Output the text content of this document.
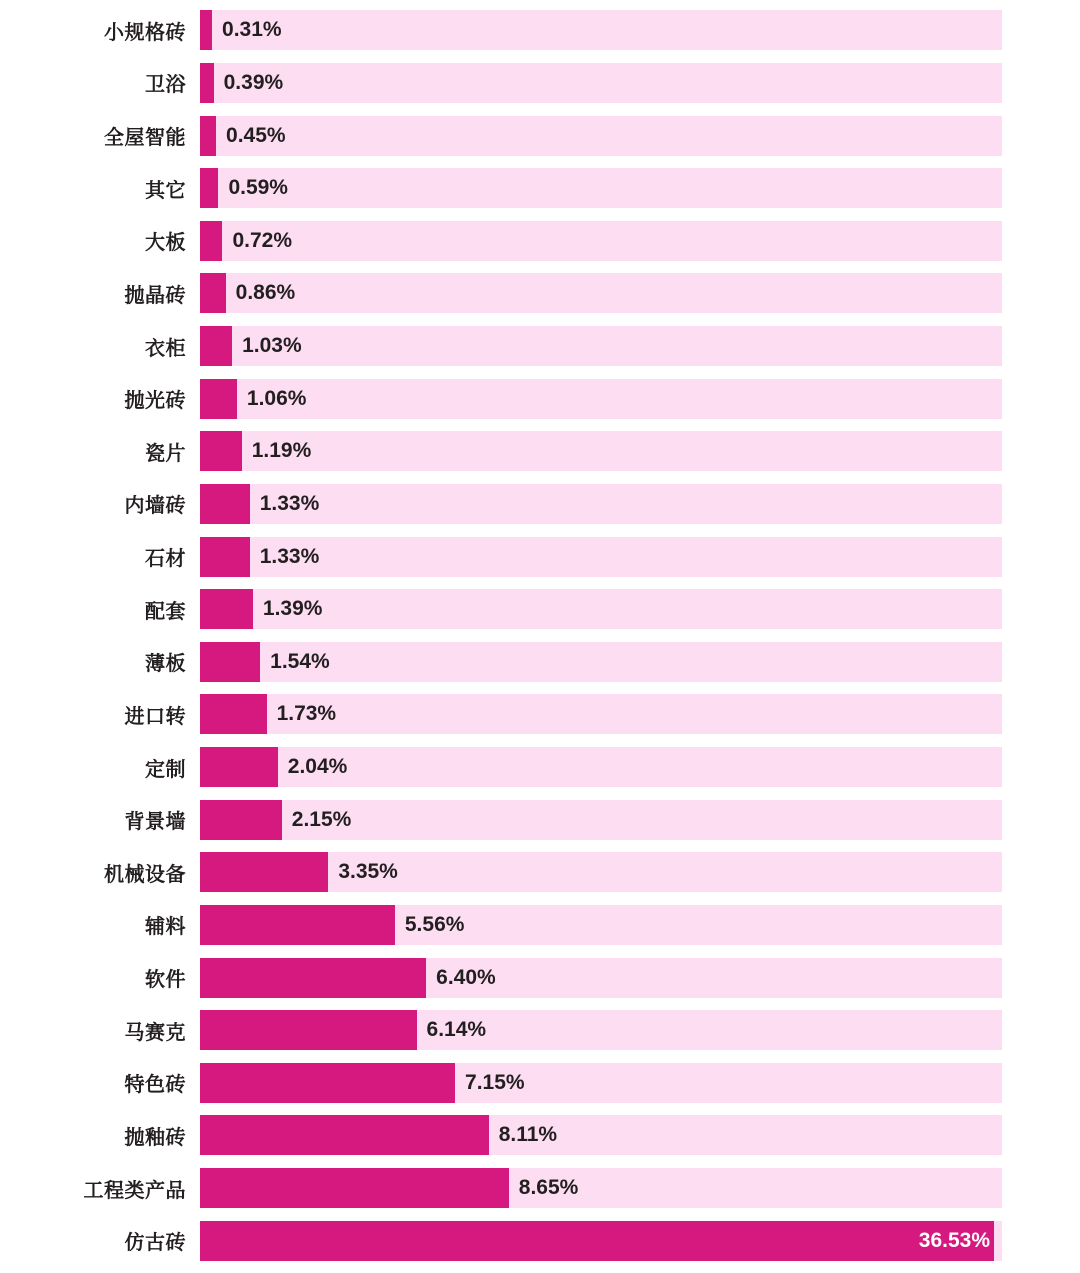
小规格砖	0.31%
卫浴	0.39%
全屋智能	0.45%
其它	0.59%
大板	0.72%
抛晶砖	0.86%
衣柜	1.03%
抛光砖	1.06%
瓷片	1.19%
内墙砖	1.33%
石材	1.33%
配套	1.39%
薄板	1.54%
进口转	1.73%
定制	2.04%
背景墙	2.15%
机械设备	3.35%
辅料	5.56%
软件	6.40%
马赛克	6.14%
特色砖	7.15%
抛釉砖	8.11%
工程类产品	8.65%
仿古砖	36.53%
